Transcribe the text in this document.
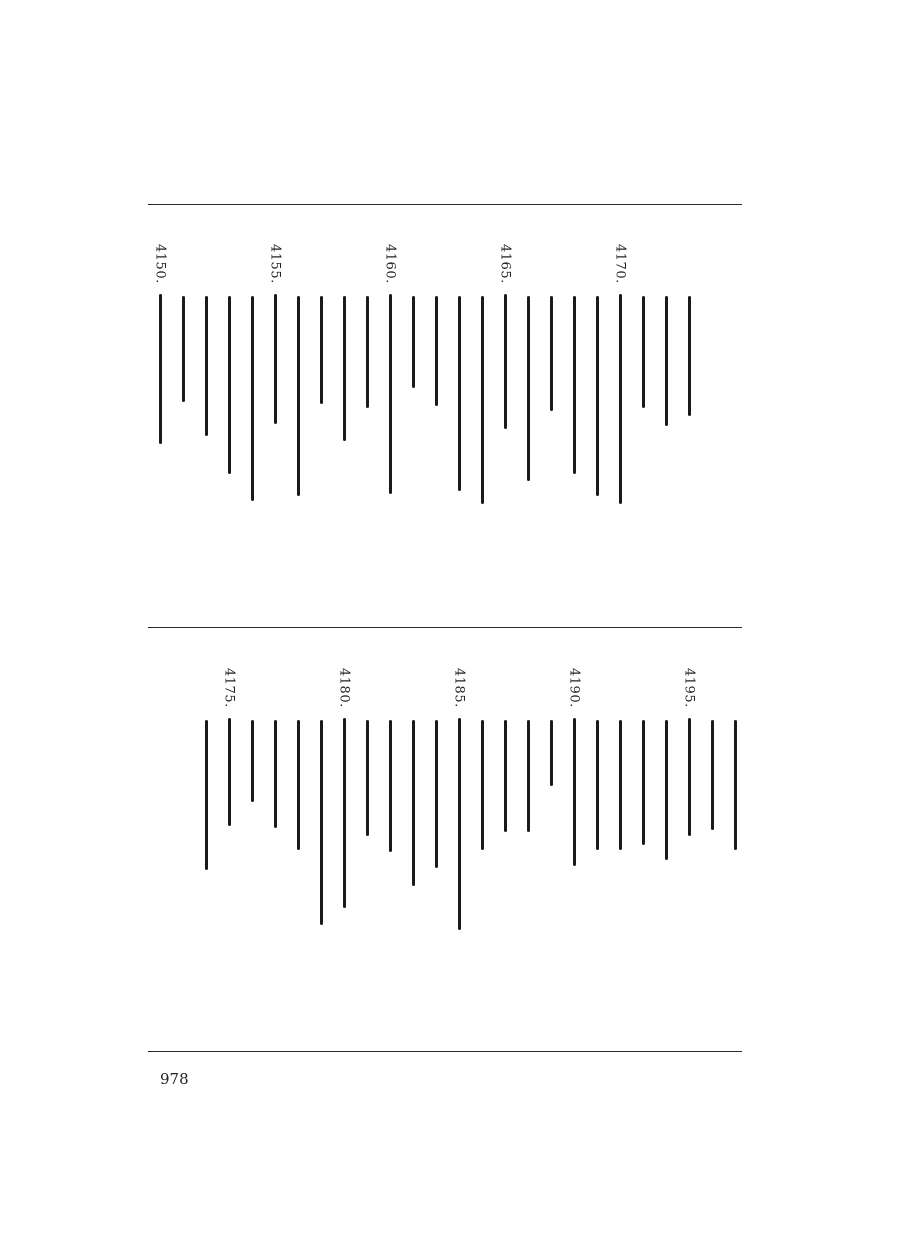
4170.
4165.
4160.
4155.
4150.
4195.
4190.
4185.
4180.
4175.
978
